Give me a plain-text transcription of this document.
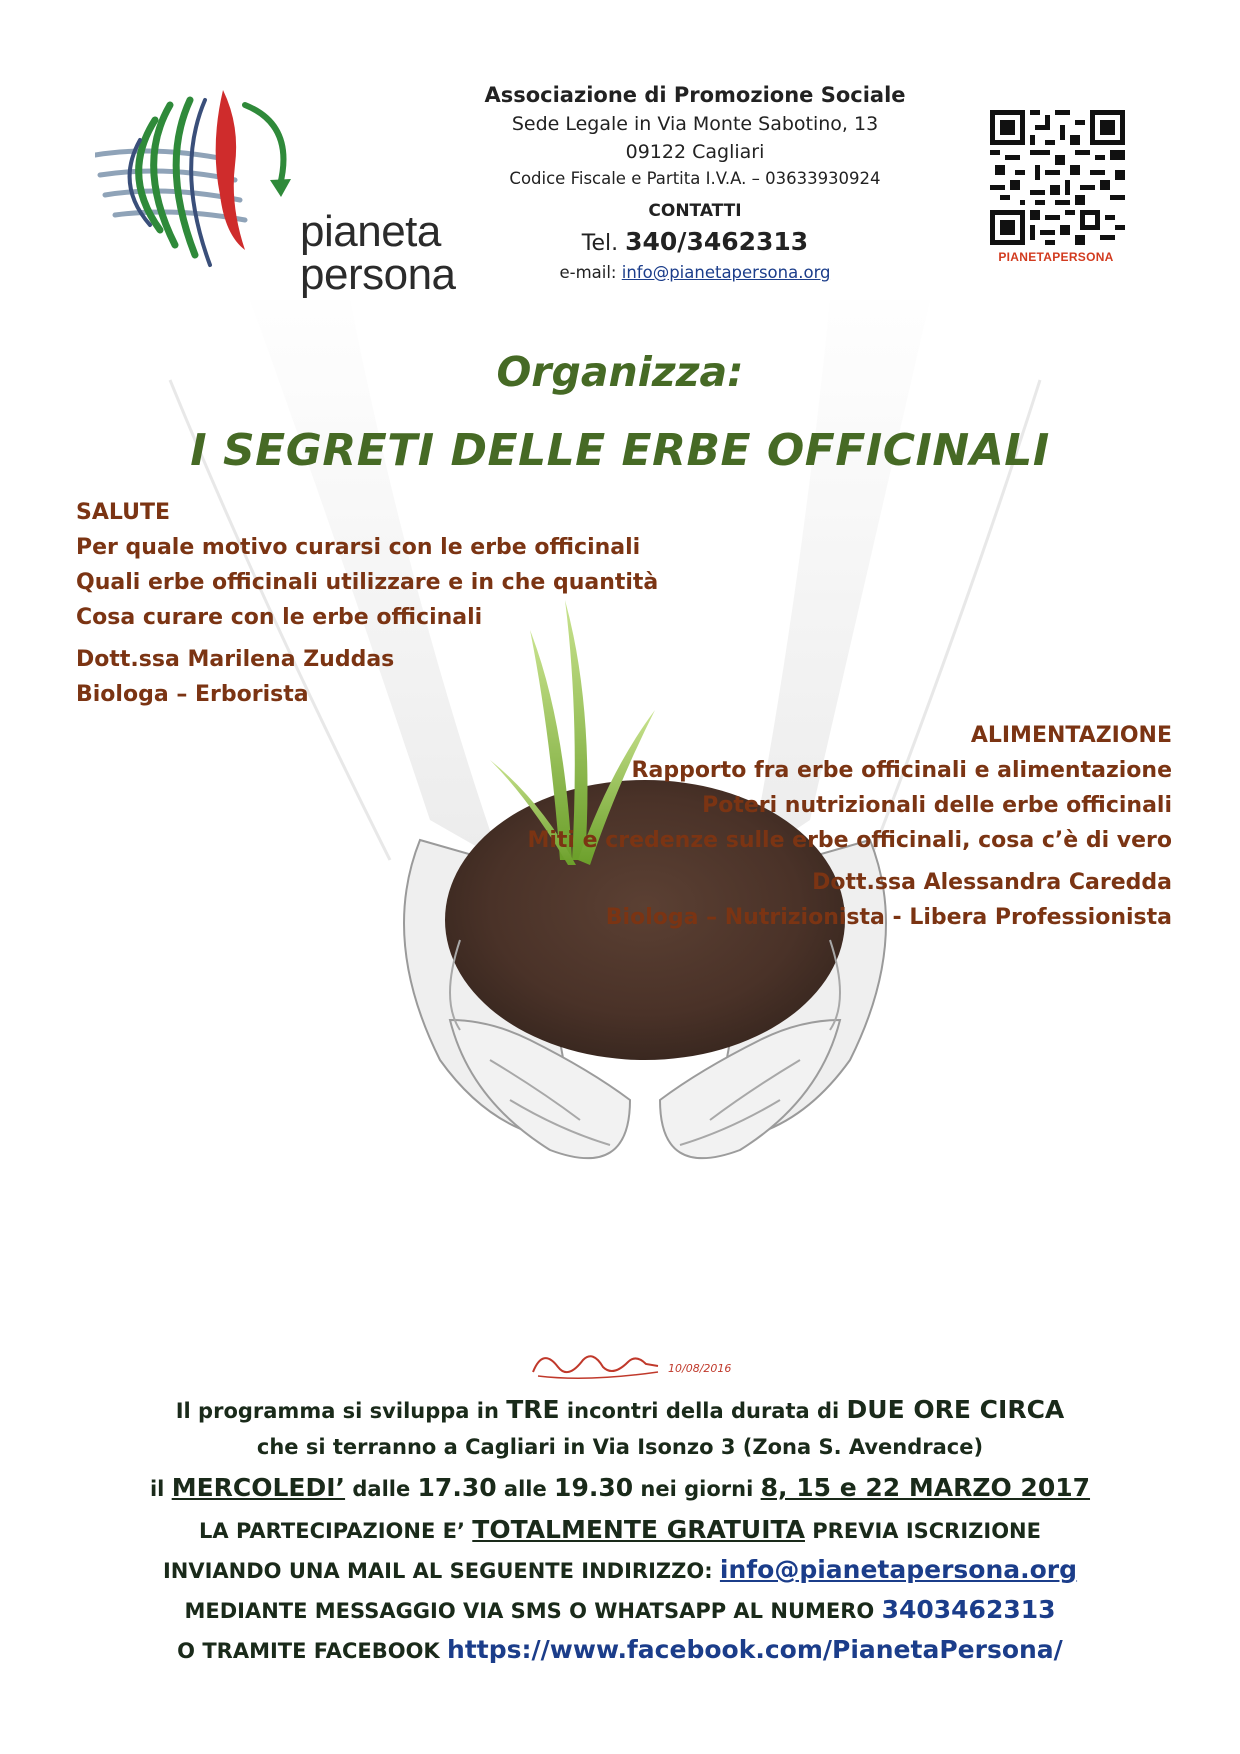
pianeta
persona
Associazione di Promozione Sociale
Sede Legale in Via Monte Sabotino, 13
09122 Cagliari
Codice Fiscale e Partita I.V.A. – 03633930924
CONTATTI
Tel. 340/3462313
e-mail: info@pianetapersona.org
PIANETAPERSONA
Organizza:
I SEGRETI DELLE ERBE OFFICINALI
SALUTE
Per quale motivo curarsi con le erbe officinali
Quali erbe officinali utilizzare e in che quantità
Cosa curare con le erbe officinali
Dott.ssa Marilena Zuddas
Biologa – Erborista
ALIMENTAZIONE
Rapporto fra erbe officinali e alimentazione
Poteri nutrizionali delle erbe officinali
Miti e credenze sulle erbe officinali, cosa c’è di vero
Dott.ssa Alessandra Caredda
Biologa – Nutrizionista - Libera Professionista
10/08/2016
Il programma si sviluppa in TRE incontri della durata di DUE ORE CIRCA
che si terranno a Cagliari in Via Isonzo 3 (Zona S. Avendrace)
il MERCOLEDI’ dalle 17.30 alle 19.30 nei giorni 8, 15 e 22 MARZO 2017
LA PARTECIPAZIONE E’ TOTALMENTE GRATUITA PREVIA ISCRIZIONE
INVIANDO UNA MAIL AL SEGUENTE INDIRIZZO: info@pianetapersona.org
MEDIANTE MESSAGGIO VIA SMS O WHATSAPP AL NUMERO 3403462313
O TRAMITE FACEBOOK https://www.facebook.com/PianetaPersona/
